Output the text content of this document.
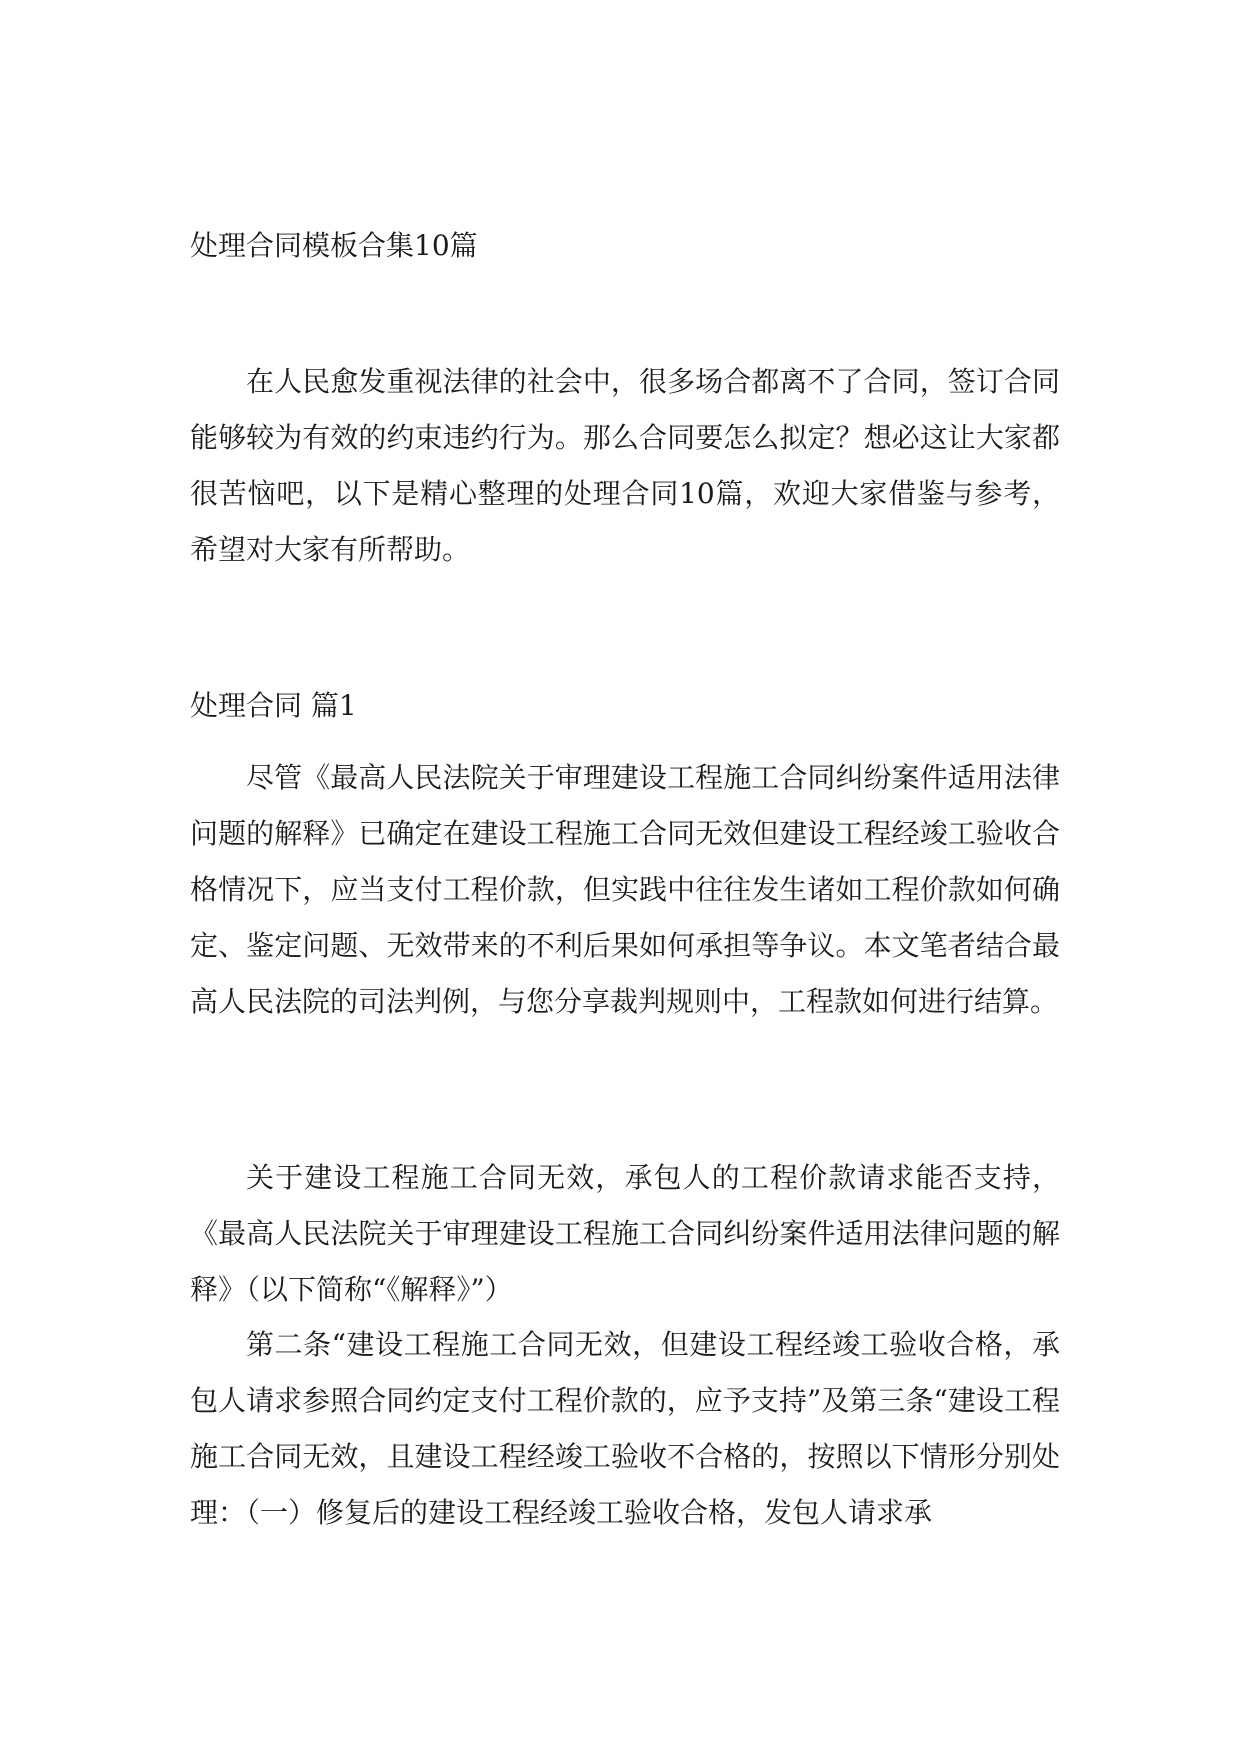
处理合同模板合集10篇

在人民愈发重视法律的社会中，很多场合都离不了合同，签订合同能够较为有效的约束违约行为。那么合同要怎么拟定？想必这让大家都很苦恼吧，以下是精心整理的处理合同10篇，欢迎大家借鉴与参考，希望对大家有所帮助。

处理合同 篇1

尽管《最高人民法院关于审理建设工程施工合同纠纷案件适用法律问题的解释》已确定在建设工程施工合同无效但建设工程经竣工验收合格情况下，应当支付工程价款，但实践中往往发生诸如工程价款如何确定、鉴定问题、无效带来的不利后果如何承担等争议。本文笔者结合最高人民法院的司法判例，与您分享裁判规则中，工程款如何进行结算。

关于建设工程施工合同无效，承包人的工程价款请求能否支持，《最高人民法院关于审理建设工程施工合同纠纷案件适用法律问题的解释》（以下简称“《解释》”）

第二条“建设工程施工合同无效，但建设工程经竣工验收合格，承包人请求参照合同约定支付工程价款的，应予支持”及第三条“建设工程施工合同无效，且建设工程经竣工验收不合格的，按照以下情形分别处理：（一）修复后的建设工程经竣工验收合格，发包人请求承
